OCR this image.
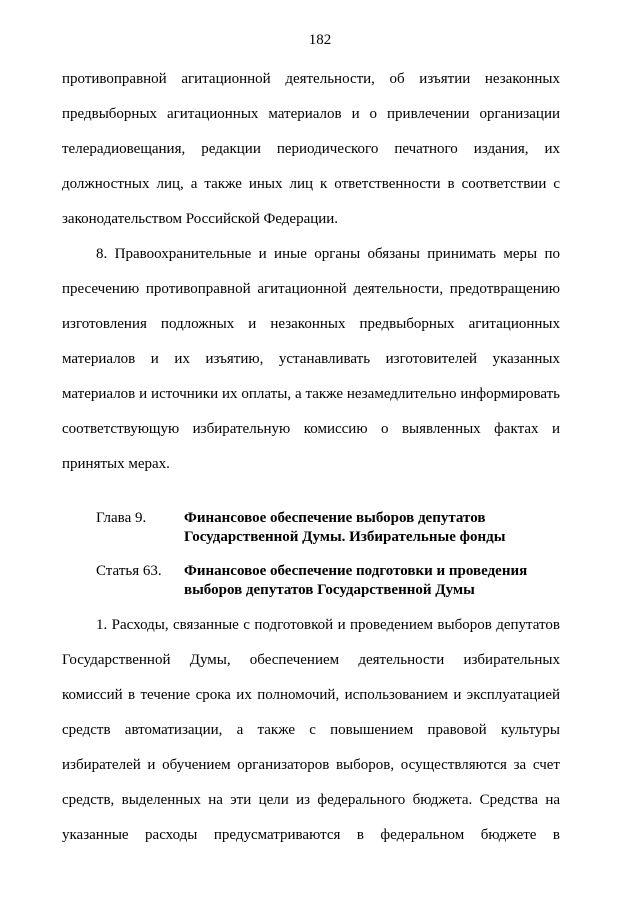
182
противоправной агитационной деятельности, об изъятии незаконных
предвыборных агитационных материалов и о привлечении организации
телерадиовещания, редакции периодического печатного издания, их
должностных лиц, а также иных лиц к ответственности в соответствии с
законодательством Российской Федерации.
8. Правоохранительные и иные органы обязаны принимать меры по
пресечению противоправной агитационной деятельности, предотвращению
изготовления подложных и незаконных предвыборных агитационных
материалов и их изъятию, устанавливать изготовителей указанных
материалов и источники их оплаты, а также незамедлительно информировать
соответствующую избирательную комиссию о выявленных фактах и
принятых мерах.
Глава 9.	Финансовое обеспечение выборов депутатов
Государственной Думы. Избирательные фонды
Статья 63. Финансовое обеспечение подготовки и проведения
выборов депутатов Государственной Думы
1. Расходы, связанные с подготовкой и проведением выборов депутатов
Государственной Думы, обеспечением деятельности избирательных
комиссий в течение срока их полномочий, использованием и эксплуатацией
средств автоматизации, а также с повышением правовой культуры
избирателей и обучением организаторов выборов, осуществляются за счет
средств, выделенных на эти цели из федерального бюджета. Средства на
указанные расходы предусматриваются в федеральном бюджете в
